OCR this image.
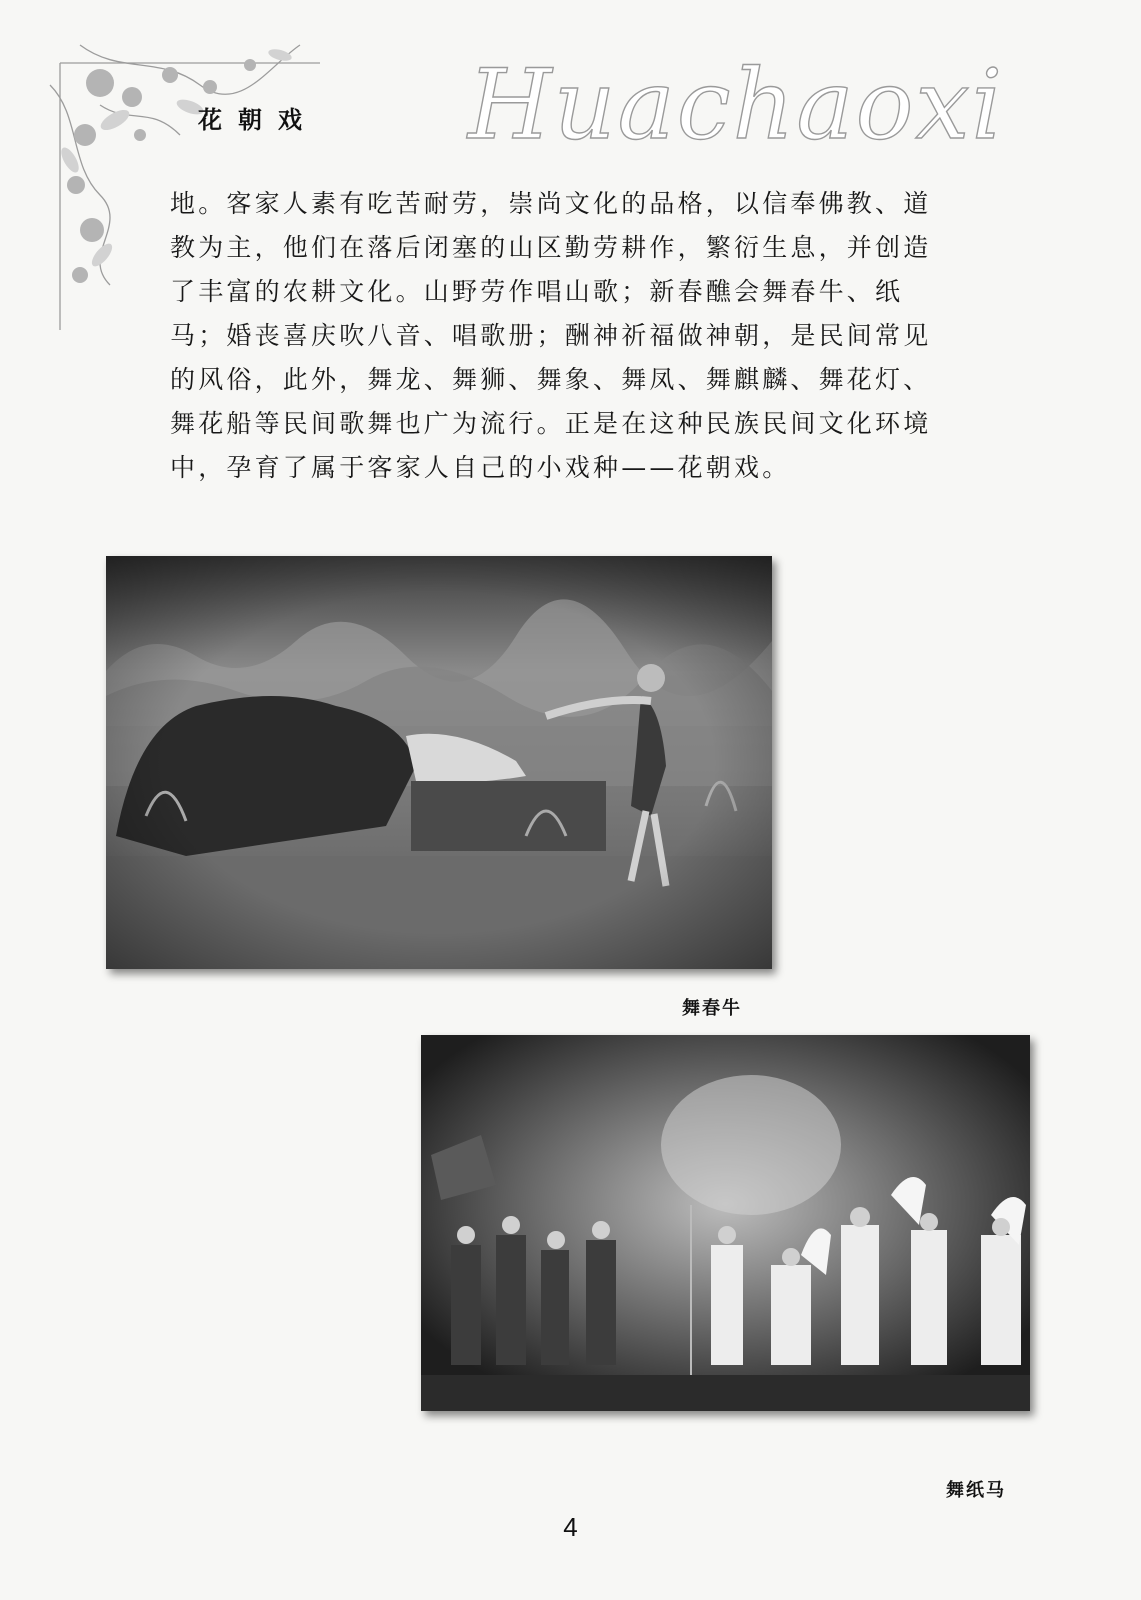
花朝戏 Huachaoxi
地。客家人素有吃苦耐劳，崇尚文化的品格，以信奉佛教、道
教为主，他们在落后闭塞的山区勤劳耕作，繁衍生息，并创造
了丰富的农耕文化。山野劳作唱山歌；新春醮会舞春牛、纸
马；婚丧喜庆吹八音、唱歌册；酬神祈福做神朝，是民间常见
的风俗，此外，舞龙、舞狮、舞象、舞凤、舞麒麟、舞花灯、
舞花船等民间歌舞也广为流行。正是在这种民族民间文化环境
中，孕育了属于客家人自己的小戏种——花朝戏。
舞春牛
舞纸马
4
